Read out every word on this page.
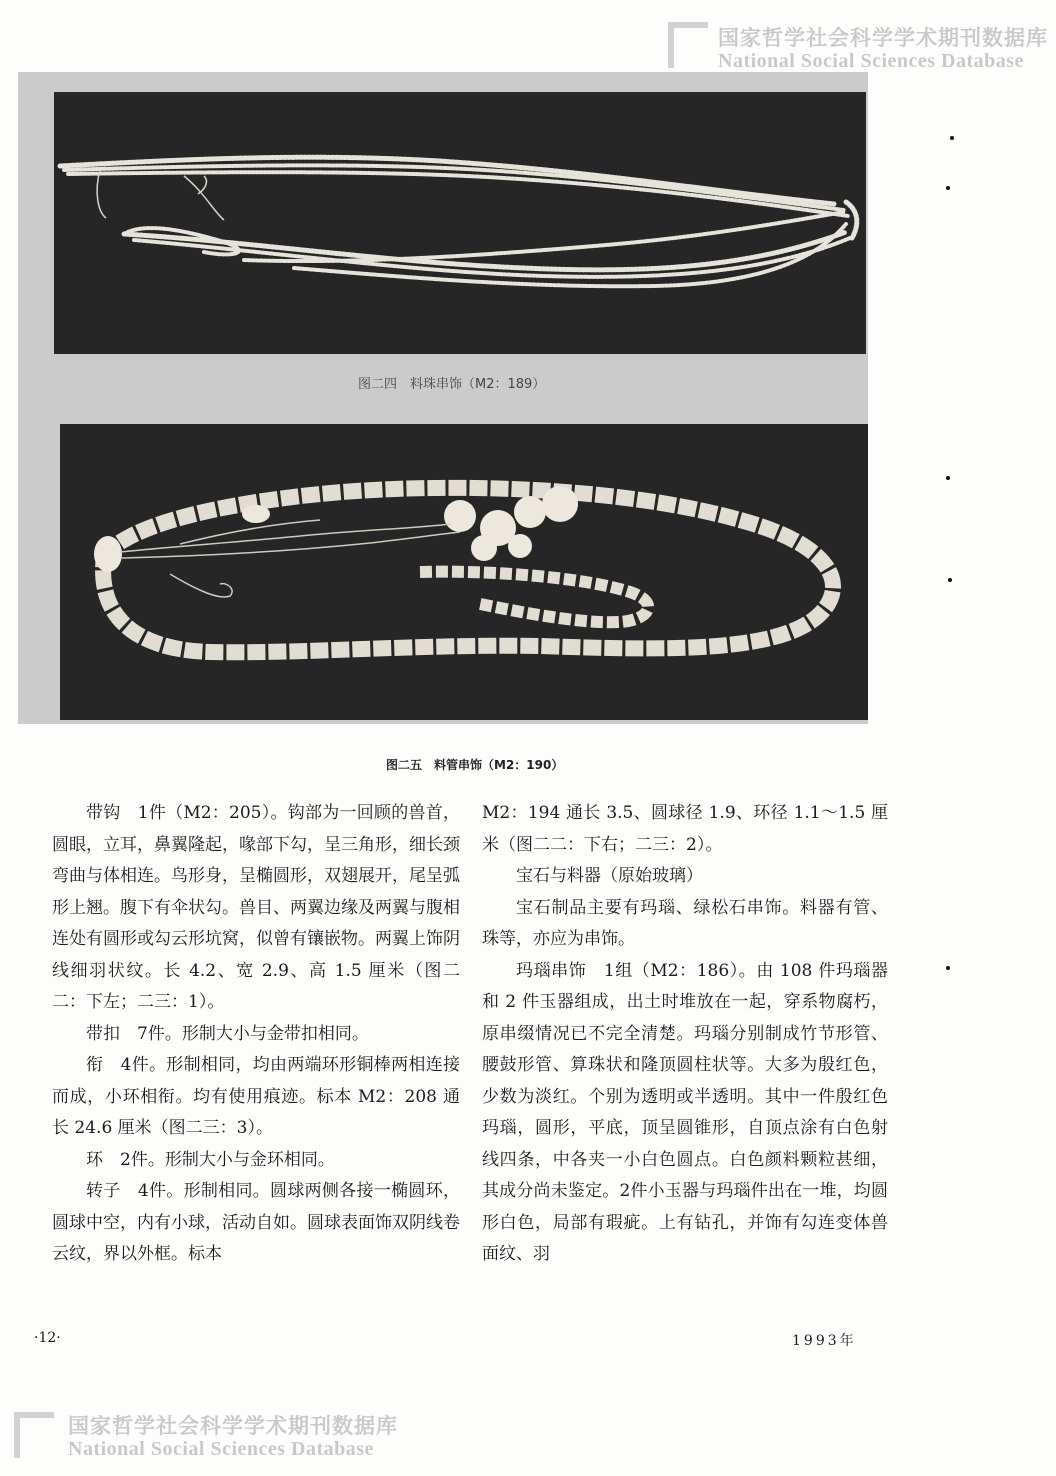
国家哲学社会科学学术期刊数据库
National Social Sciences Database
图二四　料珠串饰（M2：189）
图二五　料管串饰（M2：190）

带钩　1件（M2：205）。钩部为一回顾的兽首，圆眼，立耳，鼻翼隆起，喙部下勾，呈三角形，细长颈弯曲与体相连。鸟形身，呈椭圆形，双翅展开，尾呈弧形上翘。腹下有伞状勾。兽目、两翼边缘及两翼与腹相连处有圆形或勾云形坑窝，似曾有镶嵌物。两翼上饰阴线细羽状纹。长 4.2、宽 2.9、高 1.5 厘米（图二二：下左；二三：1）。

带扣　7件。形制大小与金带扣相同。

衔　4件。形制相同，均由两端环形铜棒两相连接而成，小环相衔。均有使用痕迹。标本 M2：208 通长 24.6 厘米（图二三：3）。

环　2件。形制大小与金环相同。

转子　4件。形制相同。圆球两侧各接一椭圆环，圆球中空，内有小球，活动自如。圆球表面饰双阴线卷云纹，界以外框。标本

M2：194 通长 3.5、圆球径 1.9、环径 1.1～1.5 厘米（图二二：下右；二三：2）。

宝石与料器（原始玻璃）

宝石制品主要有玛瑙、绿松石串饰。料器有管、珠等，亦应为串饰。

玛瑙串饰　1组（M2：186）。由 108 件玛瑙器和 2 件玉器组成，出土时堆放在一起，穿系物腐朽，原串缀情况已不完全清楚。玛瑙分别制成竹节形管、腰鼓形管、算珠状和隆顶圆柱状等。大多为殷红色，少数为淡红。个别为透明或半透明。其中一件殷红色玛瑙，圆形，平底，顶呈圆锥形，自顶点涂有白色射线四条，中各夹一小白色圆点。白色颜料颗粒甚细，其成分尚未鉴定。2件小玉器与玛瑙件出在一堆，均圆形白色，局部有瑕疵。上有钻孔，并饰有勾连变体兽面纹、羽

·12·	1993年
国家哲学社会科学学术期刊数据库
National Social Sciences Database
